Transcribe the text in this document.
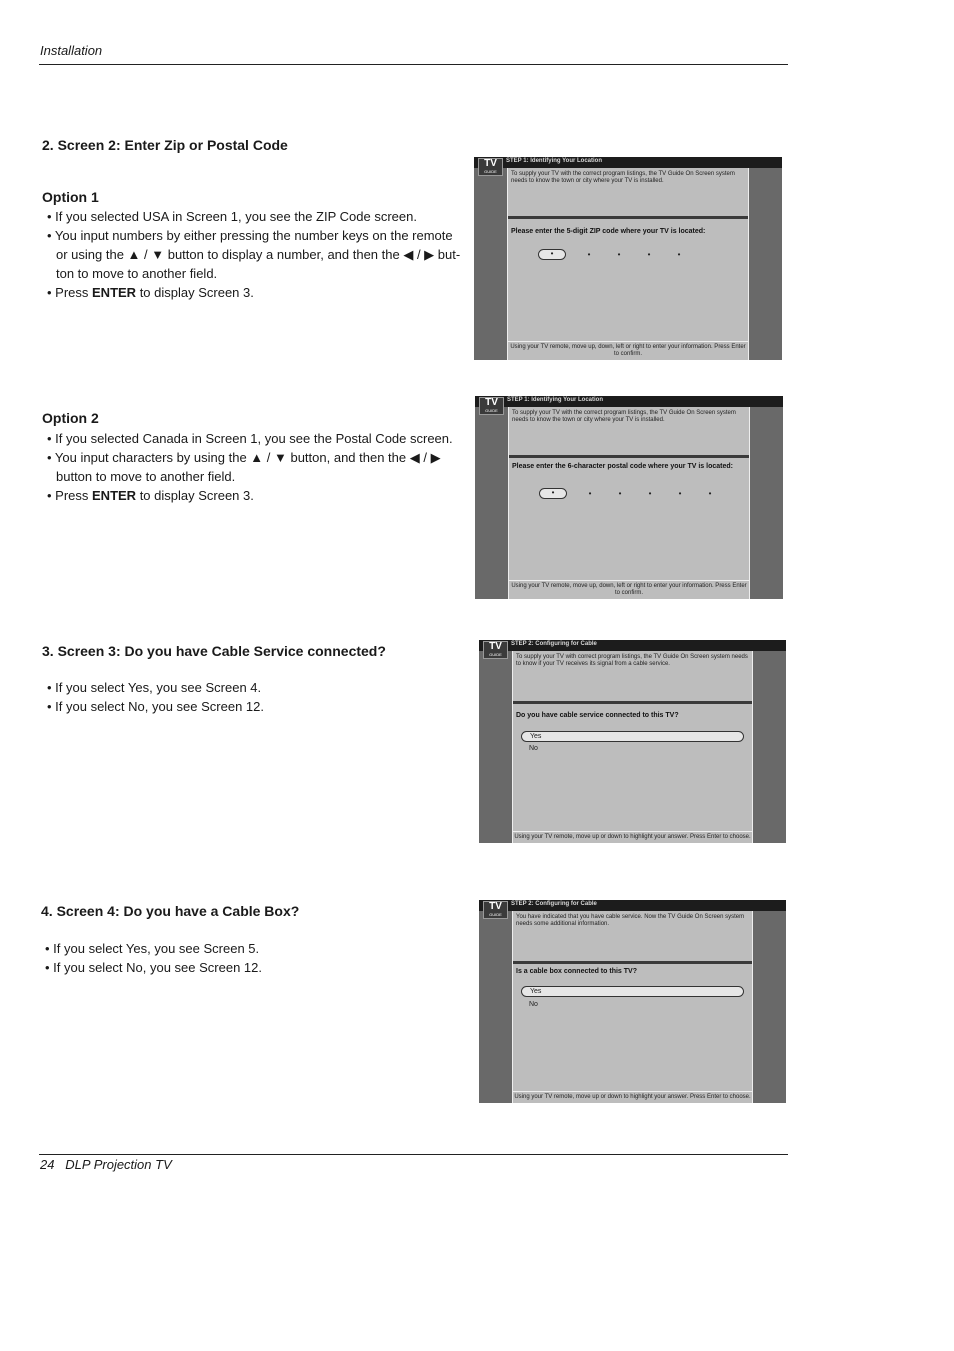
Installation
2. Screen 2: Enter Zip or Postal Code
Option 1

• If you selected USA in Screen 1, you see the ZIP Code screen.

• You input numbers by either pressing the number keys on the remote or using the ▲ / ▼ button to display a number, and then the ◀ / ▶ but- ton to move to another field.

• Press ENTER to display Screen 3.

Option 2

• If you selected Canada in Screen 1, you see the Postal Code screen.

• You input characters by using the ▲ / ▼ button, and then the ◀ / ▶ button to move to another field.

• Press ENTER to display Screen 3.

3. Screen 3: Do you have Cable Service connected?

• If you select Yes, you see Screen 4.

• If you select No, you see Screen 12.

4. Screen 4: Do you have a Cable Box?

• If you select Yes, you see Screen 5.

• If you select No, you see Screen 12.

TV
GUIDE
STEP 1: Identifying Your Location
To supply your TV with the correct program listings, the TV Guide On Screen system needs to know the town or city where your TV is installed.
Please enter the 5-digit ZIP code where your TV is located:
•	•	•	•	•
Using your TV remote, move up, down, left or right to enter your information. Press Enter to confirm.
TV
GUIDE
STEP 1: Identifying Your Location
To supply your TV with the correct program listings, the TV Guide On Screen system needs to know the town or city where your TV is installed.
Please enter the 6-character postal code where your TV is located:
•	•	•	•	•	•
Using your TV remote, move up, down, left or right to enter your information. Press Enter to confirm.
TV
GUIDE
STEP 2: Configuring for Cable
To supply your TV with correct program listings, the TV Guide On Screen system needs to know if your TV receives its signal from a cable service.
Do you have cable service connected to this TV?
Yes
No
Using your TV remote, move up or down to highlight your answer. Press Enter to choose.
TV
GUIDE
STEP 2: Configuring for Cable
You have indicated that you have cable service. Now the TV Guide On Screen system needs some additional information.
Is a cable box connected to this TV?
Yes
No
Using your TV remote, move up or down to highlight your answer. Press Enter to choose.
24   DLP Projection TV
